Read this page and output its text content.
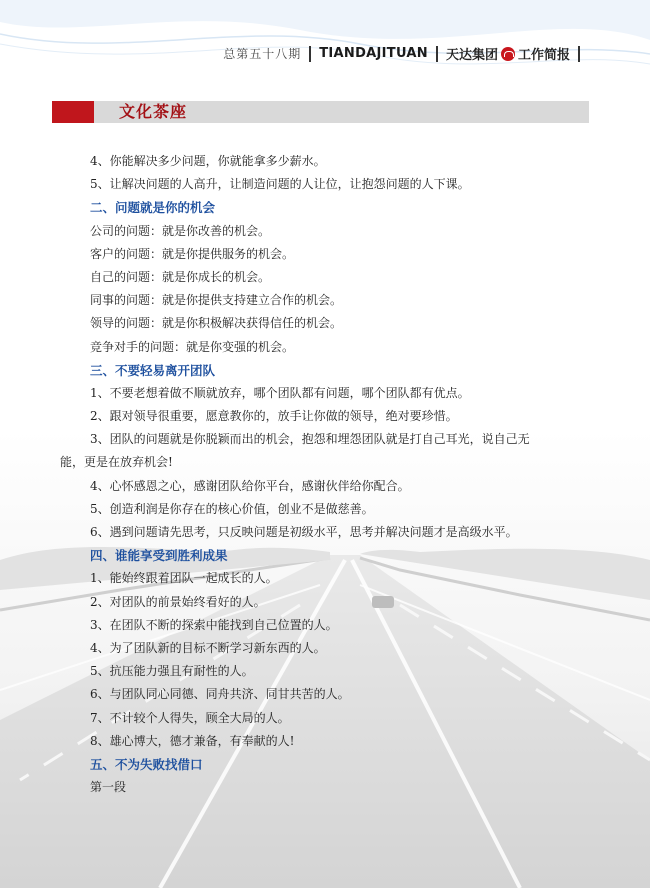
总第五十八期 TIANDAJITUAN 天达集团 工作简报
文化茶座
4、你能解决多少问题，你就能拿多少薪水。
5、让解决问题的人高升，让制造问题的人让位，让抱怨问题的人下课。
二、问题就是你的机会
公司的问题：就是你改善的机会。
客户的问题：就是你提供服务的机会。
自己的问题：就是你成长的机会。
同事的问题：就是你提供支持建立合作的机会。
领导的问题：就是你积极解决获得信任的机会。
竞争对手的问题：就是你变强的机会。
三、不要轻易离开团队
1、不要老想着做不顺就放弃，哪个团队都有问题，哪个团队都有优点。
2、跟对领导很重要，愿意教你的，放手让你做的领导，绝对要珍惜。
3、团队的问题就是你脱颖而出的机会，抱怨和埋怨团队就是打自己耳光，说自己无
能，更是在放弃机会!
4、心怀感恩之心，感谢团队给你平台，感谢伙伴给你配合。
5、创造利润是你存在的核心价值，创业不是做慈善。
6、遇到问题请先思考，只反映问题是初级水平，思考并解决问题才是高级水平。
四、谁能享受到胜利成果
1、能始终跟着团队一起成长的人。
2、对团队的前景始终看好的人。
3、在团队不断的探索中能找到自己位置的人。
4、为了团队新的目标不断学习新东西的人。
5、抗压能力强且有耐性的人。
6、与团队同心同德、同舟共济、同甘共苦的人。
7、不计较个人得失，顾全大局的人。
8、雄心博大，德才兼备，有奉献的人!
五、不为失败找借口
第一段
